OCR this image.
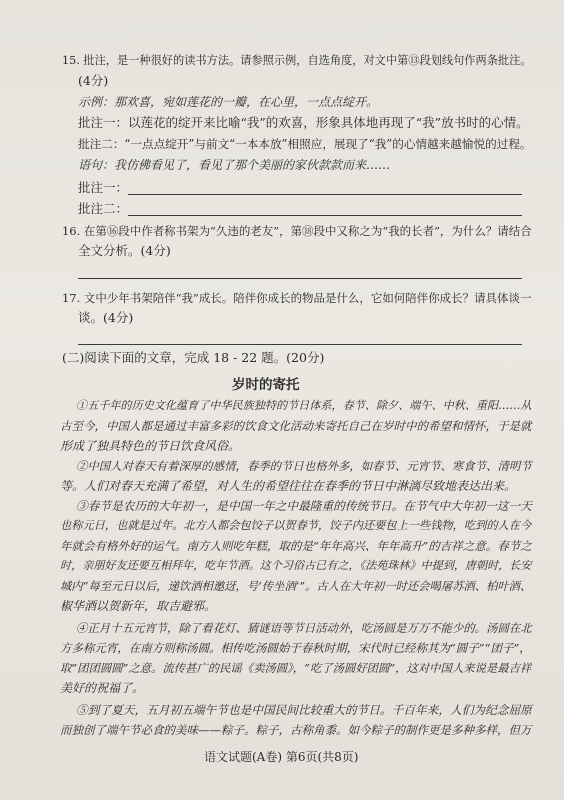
15. 批注，是一种很好的读书方法。请参照示例，自选角度，对文中第⑬段划线句作两条批注。
(4分)
示例：那欢喜，宛如莲花的一瓣，在心里，一点点绽开。
批注一：以莲花的绽开来比喻“我”的欢喜，形象具体地再现了“我”放书时的心情。
批注二：“一点点绽开”与前文“一本本放”相照应，展现了“我”的心情越来越愉悦的过程。
语句：我仿佛看见了，看见了那个美丽的家伙款款而来……
批注一：
批注二：
16. 在第⑯段中作者称书架为“久违的老友”，第⑱段中又称之为“我的长者”，为什么？请结合
全文分析。(4分)
17. 文中少年书架陪伴“我”成长。陪伴你成长的物品是什么，它如何陪伴你成长？请具体谈一
谈。(4分)
(二)阅读下面的文章，完成 18 - 22 题。(20分)
岁时的寄托
①五千年的历史文化蕴育了中华民族独特的节日体系，春节、除夕、端午、中秋、重阳……从
古至今，中国人都是通过丰富多彩的饮食文化活动来寄托自己在岁时中的希望和情怀，于是就
形成了独具特色的节日饮食风俗。
②中国人对春天有着深厚的感情，春季的节日也格外多，如春节、元宵节、寒食节、清明节
等。人们对春天充满了希望，对人生的希望往往在春季的节日中淋漓尽致地表达出来。
③春节是农历的大年初一，是中国一年之中最隆重的传统节日。在节气中大年初一这一天
也称元日，也就是过年。北方人都会包饺子以贺春节，饺子内还要包上一些钱物，吃到的人在今
年就会有格外好的运气。南方人则吃年糕，取的是“年年高兴、年年高升”的吉祥之意。春节之
时，亲朋好友还要互相拜年，吃年节酒。这个习俗古已有之，《法苑珠林》中提到，唐朝时，长安
城内“每至元日以后，递饮酒相邀迓，号‘传坐酒’”。古人在大年初一时还会喝屠苏酒、柏叶酒、
椒华酒以贺新年，取吉避邪。
④正月十五元宵节，除了看花灯、猜谜语等节日活动外，吃汤圆是万万不能少的。汤圆在北
方多称元宵，在南方则称汤圆。相传吃汤圆始于春秋时期，宋代时已经称其为“圆子”“团子”，
取“团团圆圆”之意。流传甚广的民谣《卖汤圆》，“吃了汤圆好团圆”，这对中国人来说是最吉祥
美好的祝福了。
⑤到了夏天，五月初五端午节也是中国民间比较重大的节日。千百年来，人们为纪念屈原
而独创了端午节必食的美味——粽子。粽子，古称角黍。如今粽子的制作更是多种多样，但万
语文试题(A卷) 第6页(共8页)
